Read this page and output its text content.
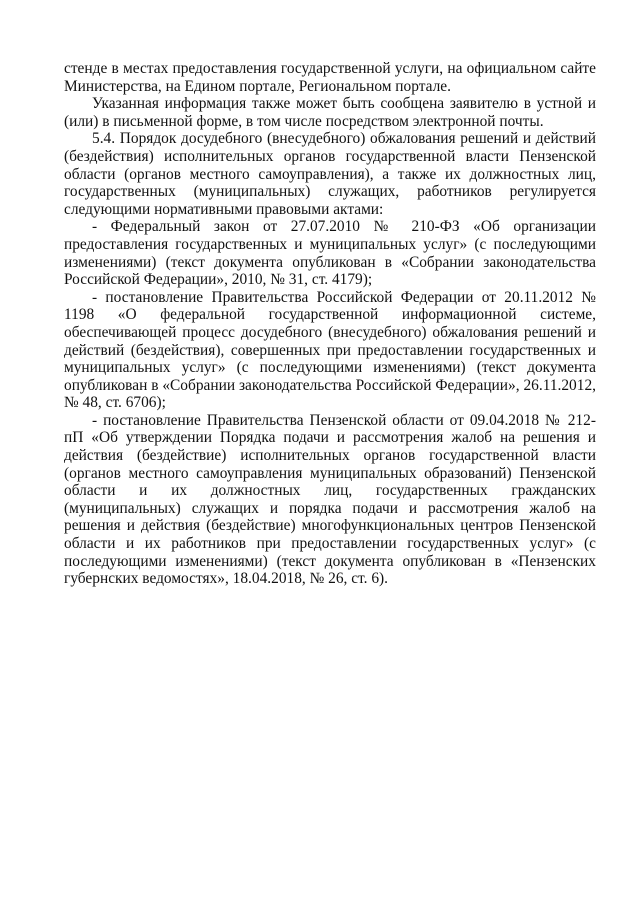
стенде в местах предоставления государственной услуги, на официальном сайте Министерства, на Едином портале, Региональном портале.

Указанная информация также может быть сообщена заявителю в устной и (или) в письменной форме, в том числе посредством электронной почты.

5.4. Порядок досудебного (внесудебного) обжалования решений и действий (бездействия) исполнительных органов государственной власти Пензенской области (органов местного самоуправления), а также их должностных лиц, государственных (муниципальных) служащих, работников регулируется следующими нормативными правовыми актами:

- Федеральный закон от 27.07.2010 № 210-ФЗ «Об организации предоставления государственных и муниципальных услуг» (с последующими изменениями) (текст документа опубликован в «Собрании законодательства Российской Федерации», 2010, № 31, ст. 4179);

- постановление Правительства Российской Федерации от 20.11.2012 № 1198 «О федеральной государственной информационной системе, обеспечивающей процесс досудебного (внесудебного) обжалования решений и действий (бездействия), совершенных при предоставлении государственных и муниципальных услуг» (с последующими изменениями) (текст документа опубликован в «Собрании законодательства Российской Федерации», 26.11.2012, № 48, ст. 6706);

- постановление Правительства Пензенской области от 09.04.2018 № 212-пП «Об утверждении Порядка подачи и рассмотрения жалоб на решения и действия (бездействие) исполнительных органов государственной власти (органов местного самоуправления муниципальных образований) Пензенской области и их должностных лиц, государственных гражданских (муниципальных) служащих и порядка подачи и рассмотрения жалоб на решения и действия (бездействие) многофункциональных центров Пензенской области и их работников при предоставлении государственных услуг» (с последующими изменениями) (текст документа опубликован в «Пензенских губернских ведомостях», 18.04.2018, № 26, ст. 6).
